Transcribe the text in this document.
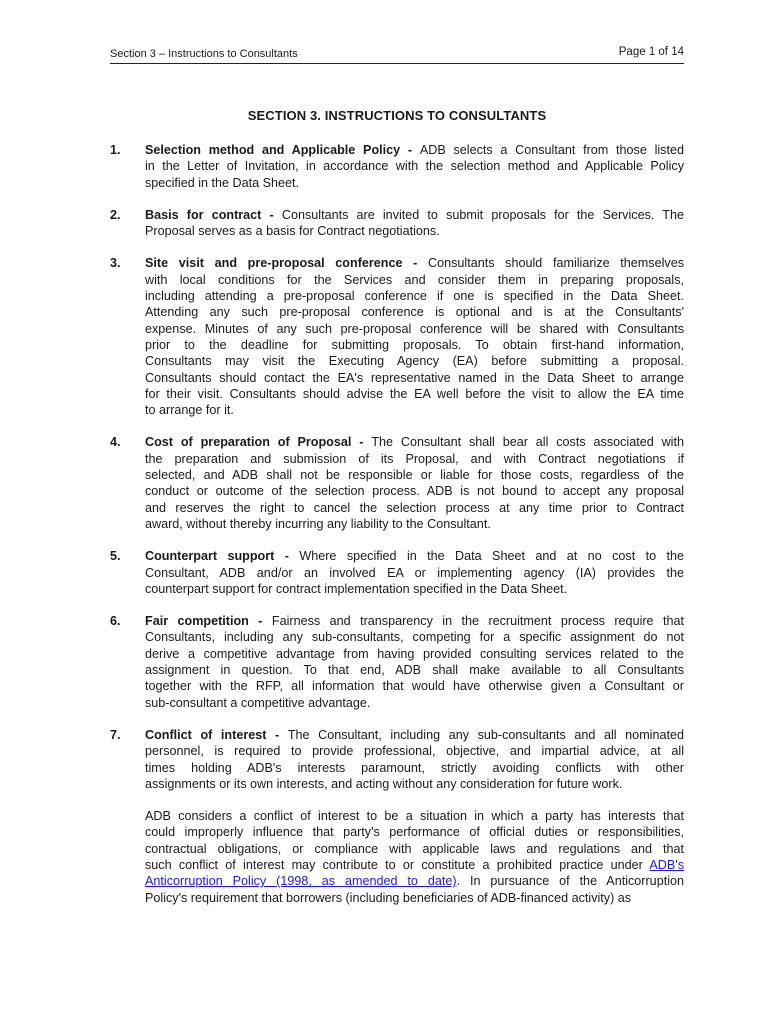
Section 3 – Instructions to Consultants	Page 1 of 14
SECTION 3. INSTRUCTIONS TO CONSULTANTS
1. Selection method and Applicable Policy - ADB selects a Consultant from those listed
in the Letter of Invitation, in accordance with the selection method and Applicable Policy
specified in the Data Sheet.
2. Basis for contract - Consultants are invited to submit proposals for the Services. The
Proposal serves as a basis for Contract negotiations.
3. Site visit and pre-proposal conference - Consultants should familiarize themselves
with local conditions for the Services and consider them in preparing proposals,
including attending a pre-proposal conference if one is specified in the Data Sheet.
Attending any such pre-proposal conference is optional and is at the Consultants'
expense. Minutes of any such pre-proposal conference will be shared with Consultants
prior to the deadline for submitting proposals. To obtain first-hand information,
Consultants may visit the Executing Agency (EA) before submitting a proposal.
Consultants should contact the EA's representative named in the Data Sheet to arrange
for their visit. Consultants should advise the EA well before the visit to allow the EA time
to arrange for it.
4. Cost of preparation of Proposal - The Consultant shall bear all costs associated with
the preparation and submission of its Proposal, and with Contract negotiations if
selected, and ADB shall not be responsible or liable for those costs, regardless of the
conduct or outcome of the selection process. ADB is not bound to accept any proposal
and reserves the right to cancel the selection process at any time prior to Contract
award, without thereby incurring any liability to the Consultant.
5. Counterpart support - Where specified in the Data Sheet and at no cost to the
Consultant, ADB and/or an involved EA or implementing agency (IA) provides the
counterpart support for contract implementation specified in the Data Sheet.
6. Fair competition - Fairness and transparency in the recruitment process require that
Consultants, including any sub-consultants, competing for a specific assignment do not
derive a competitive advantage from having provided consulting services related to the
assignment in question. To that end, ADB shall make available to all Consultants
together with the RFP, all information that would have otherwise given a Consultant or
sub-consultant a competitive advantage.
7. Conflict of interest - The Consultant, including any sub-consultants and all nominated
personnel, is required to provide professional, objective, and impartial advice, at all
times holding ADB's interests paramount, strictly avoiding conflicts with other
assignments or its own interests, and acting without any consideration for future work.
ADB considers a conflict of interest to be a situation in which a party has interests that
could improperly influence that party's performance of official duties or responsibilities,
contractual obligations, or compliance with applicable laws and regulations and that
such conflict of interest may contribute to or constitute a prohibited practice under ADB's
Anticorruption Policy (1998, as amended to date). In pursuance of the Anticorruption
Policy's requirement that borrowers (including beneficiaries of ADB-financed activity) as
